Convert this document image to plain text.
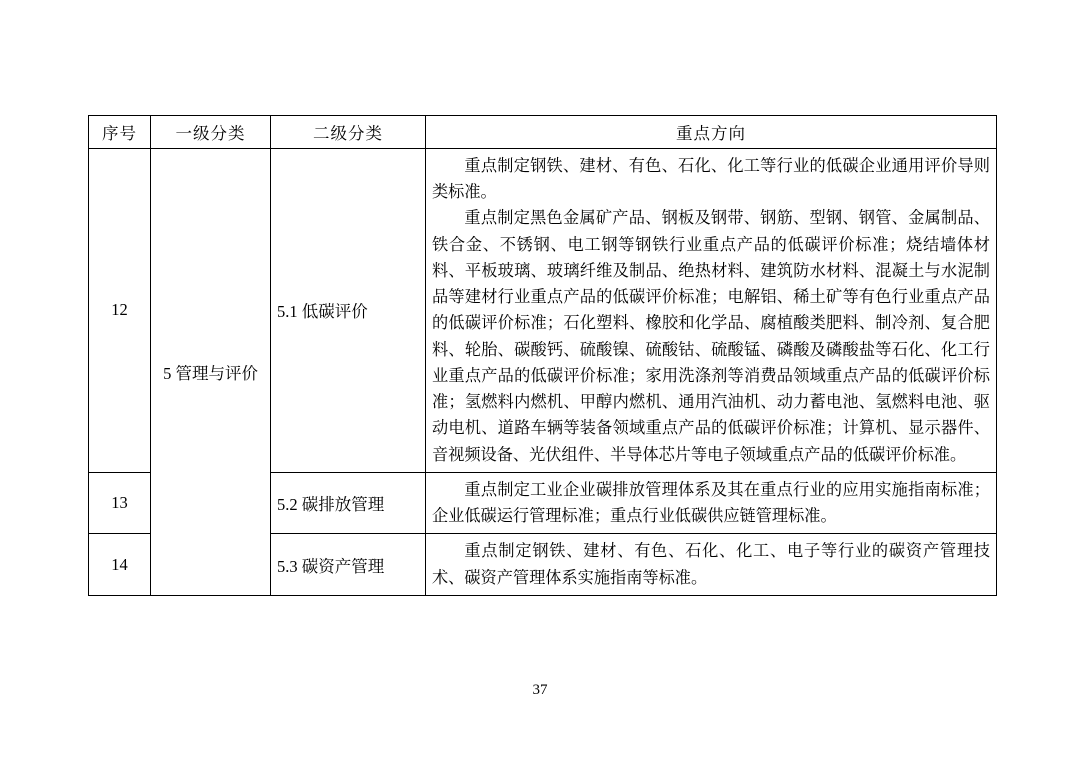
序号	一级分类	二级分类	重点方向
12	5 管理与评价	5.1 低碳评价	重点制定钢铁、建材、有色、石化、化工等行业的低碳企业通用评价导则类标准。

重点制定黑色金属矿产品、钢板及钢带、钢筋、型钢、钢管、金属制品、铁合金、不锈钢、电工钢等钢铁行业重点产品的低碳评价标准；烧结墙体材料、平板玻璃、玻璃纤维及制品、绝热材料、建筑防水材料、混凝土与水泥制品等建材行业重点产品的低碳评价标准；电解铝、稀土矿等有色行业重点产品的低碳评价标准；石化塑料、橡胶和化学品、腐植酸类肥料、制冷剂、复合肥料、轮胎、碳酸钙、硫酸镍、硫酸钴、硫酸锰、磷酸及磷酸盐等石化、化工行业重点产品的低碳评价标准；家用洗涤剂等消费品领域重点产品的低碳评价标准；氢燃料内燃机、甲醇内燃机、通用汽油机、动力蓄电池、氢燃料电池、驱动电机、道路车辆等装备领域重点产品的低碳评价标准；计算机、显示器件、音视频设备、光伏组件、半导体芯片等电子领域重点产品的低碳评价标准。

13		5.2 碳排放管理	重点制定工业企业碳排放管理体系及其在重点行业的应用实施指南标准；企业低碳运行管理标准；重点行业低碳供应链管理标准。

14		5.3 碳资产管理	重点制定钢铁、建材、有色、石化、化工、电子等行业的碳资产管理技术、碳资产管理体系实施指南等标准。

37
